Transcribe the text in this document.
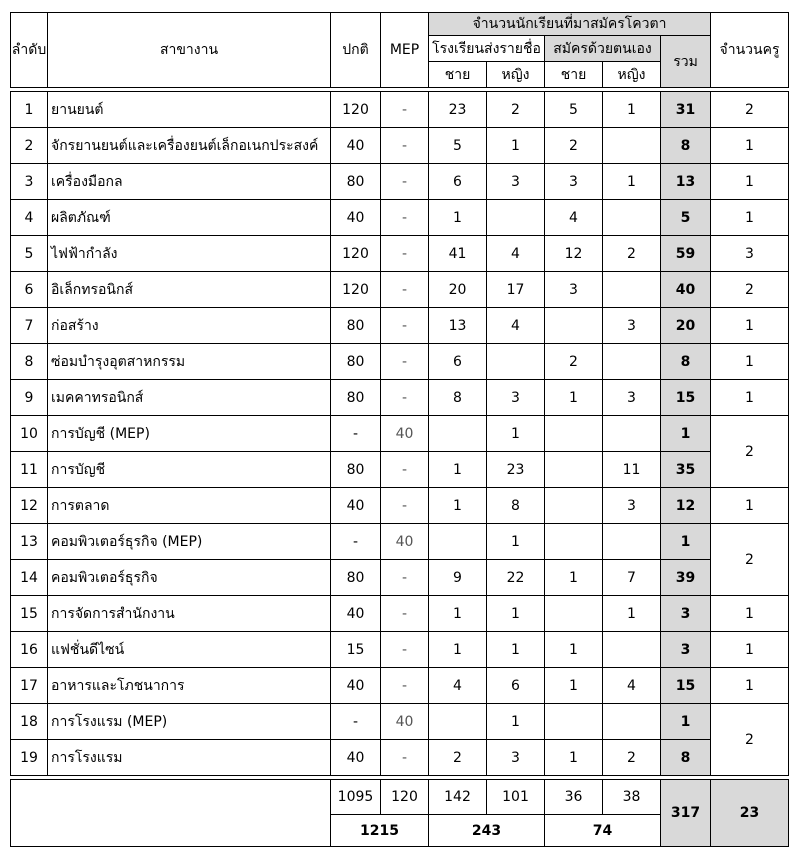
ลำดับ	สาขางาน	ปกติ	MEP	จำนวนนักเรียนที่มาสมัครโควตา					จำนวนครู
				โรงเรียนส่งรายชื่อ		สมัครด้วยตนเอง		รวม	
				ชาย	หญิง	ชาย	หญิง		

1	ยานยนต์	120	-	23	2	5	1	31	2
2	จักรยานยนต์และเครื่องยนต์เล็กอเนกประสงค์	40	-	5	1	2		8	1
3	เครื่องมือกล	80	-	6	3	3	1	13	1
4	ผลิตภัณฑ์	40	-	1		4		5	1
5	ไฟฟ้ากำลัง	120	-	41	4	12	2	59	3
6	อิเล็กทรอนิกส์	120	-	20	17	3		40	2
7	ก่อสร้าง	80	-	13	4		3	20	1
8	ซ่อมบำรุงอุตสาหกรรม	80	-	6		2		8	1
9	เมคคาทรอนิกส์	80	-	8	3	1	3	15	1
10	การบัญชี (MEP)	-	40		1			1	2
11	การบัญชี	80	-	1	23		11	35	
12	การตลาด	40	-	1	8		3	12	1
13	คอมพิวเตอร์ธุรกิจ (MEP)	-	40		1			1	2
14	คอมพิวเตอร์ธุรกิจ	80	-	9	22	1	7	39	
15	การจัดการสำนักงาน	40	-	1	1		1	3	1
16	แฟชั่นดีไซน์	15	-	1	1	1		3	1
17	อาหารและโภชนาการ	40	-	4	6	1	4	15	1
18	การโรงแรม (MEP)	-	40		1			1	2
19	การโรงแรม	40	-	2	3	1	2	8	

		1095	120	142	101	36	38	317	23
		1215		243		74			
